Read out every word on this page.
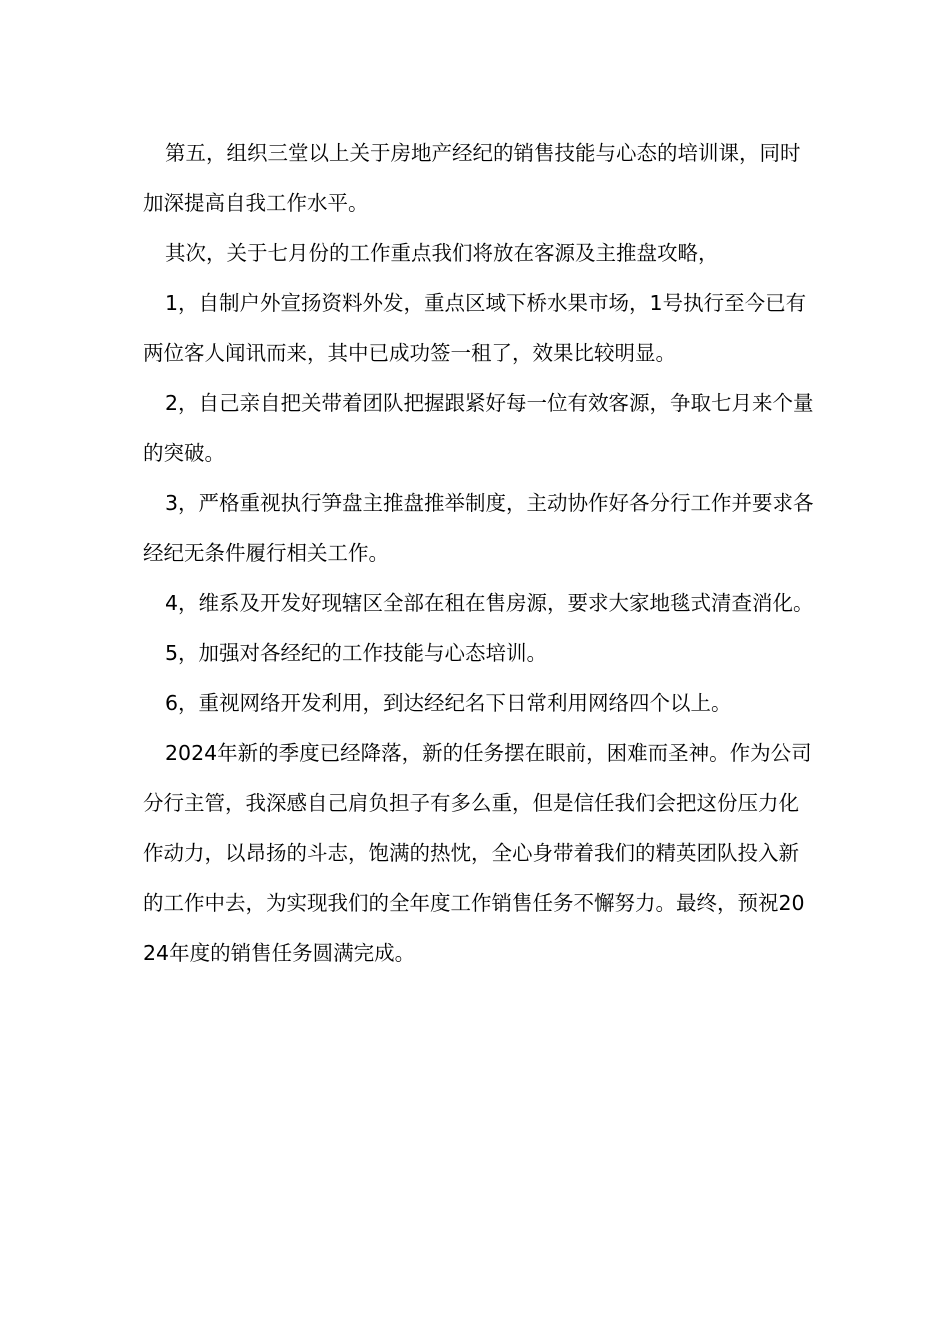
第五，组织三堂以上关于房地产经纪的销售技能与心态的培训课，同时加深提高自我工作水平。

其次，关于七月份的工作重点我们将放在客源及主推盘攻略，

1，自制户外宣扬资料外发，重点区域下桥水果市场，1号执行至今已有两位客人闻讯而来，其中已成功签一租了，效果比较明显。

2，自己亲自把关带着团队把握跟紧好每一位有效客源，争取七月来个量的突破。

3，严格重视执行笋盘主推盘推举制度，主动协作好各分行工作并要求各经纪无条件履行相关工作。

4，维系及开发好现辖区全部在租在售房源，要求大家地毯式清查消化。

5，加强对各经纪的工作技能与心态培训。

6，重视网络开发利用，到达经纪名下日常利用网络四个以上。

2024年新的季度已经降落，新的任务摆在眼前，困难而圣神。作为公司分行主管，我深感自己肩负担子有多么重，但是信任我们会把这份压力化作动力，以昂扬的斗志，饱满的热忱，全心身带着我们的精英团队投入新的工作中去，为实现我们的全年度工作销售任务不懈努力。最终，预祝2024年度的销售任务圆满完成。
